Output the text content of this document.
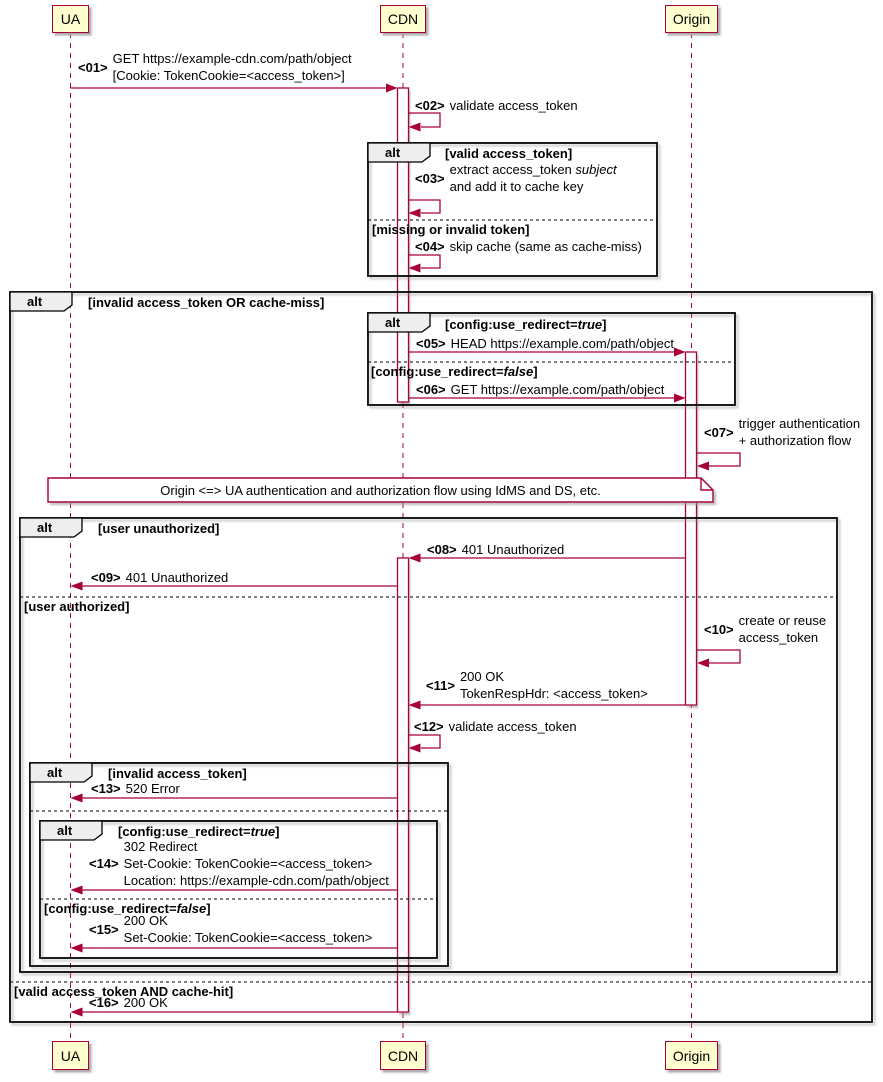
UA	CDN	Origin
UA	CDN	Origin
alt
alt
alt
alt
alt
alt
[valid access_token]
[missing or invalid token]
[invalid access_token OR cache-miss]
[config:use_redirect=true]
[config:use_redirect=false]
[user unauthorized]
[user authorized]
[invalid access_token]
[config:use_redirect=true]
[config:use_redirect=false]
[valid access_token AND cache-hit]
Origin <=> UA authentication and authorization flow using IdMS and DS, etc.
<01>
GET https://example-cdn.com/path/object
[Cookie: TokenCookie=<access_token>]
<02> validate access_token
<03>
extract access_token subject
and add it to cache key
<04> skip cache (same as cache-miss)
<05> HEAD https://example.com/path/object
<06> GET https://example.com/path/object
<07>
trigger authentication
+ authorization flow
<08> 401 Unauthorized
<09> 401 Unauthorized
<10>
create or reuse
access_token
<11>
200 OK
TokenRespHdr: <access_token>
<12> validate access_token
<13> 520 Error
<14>
302 Redirect
Set-Cookie: TokenCookie=<access_token>
Location: https://example-cdn.com/path/object
<15>
200 OK
Set-Cookie: TokenCookie=<access_token>
<16> 200 OK
